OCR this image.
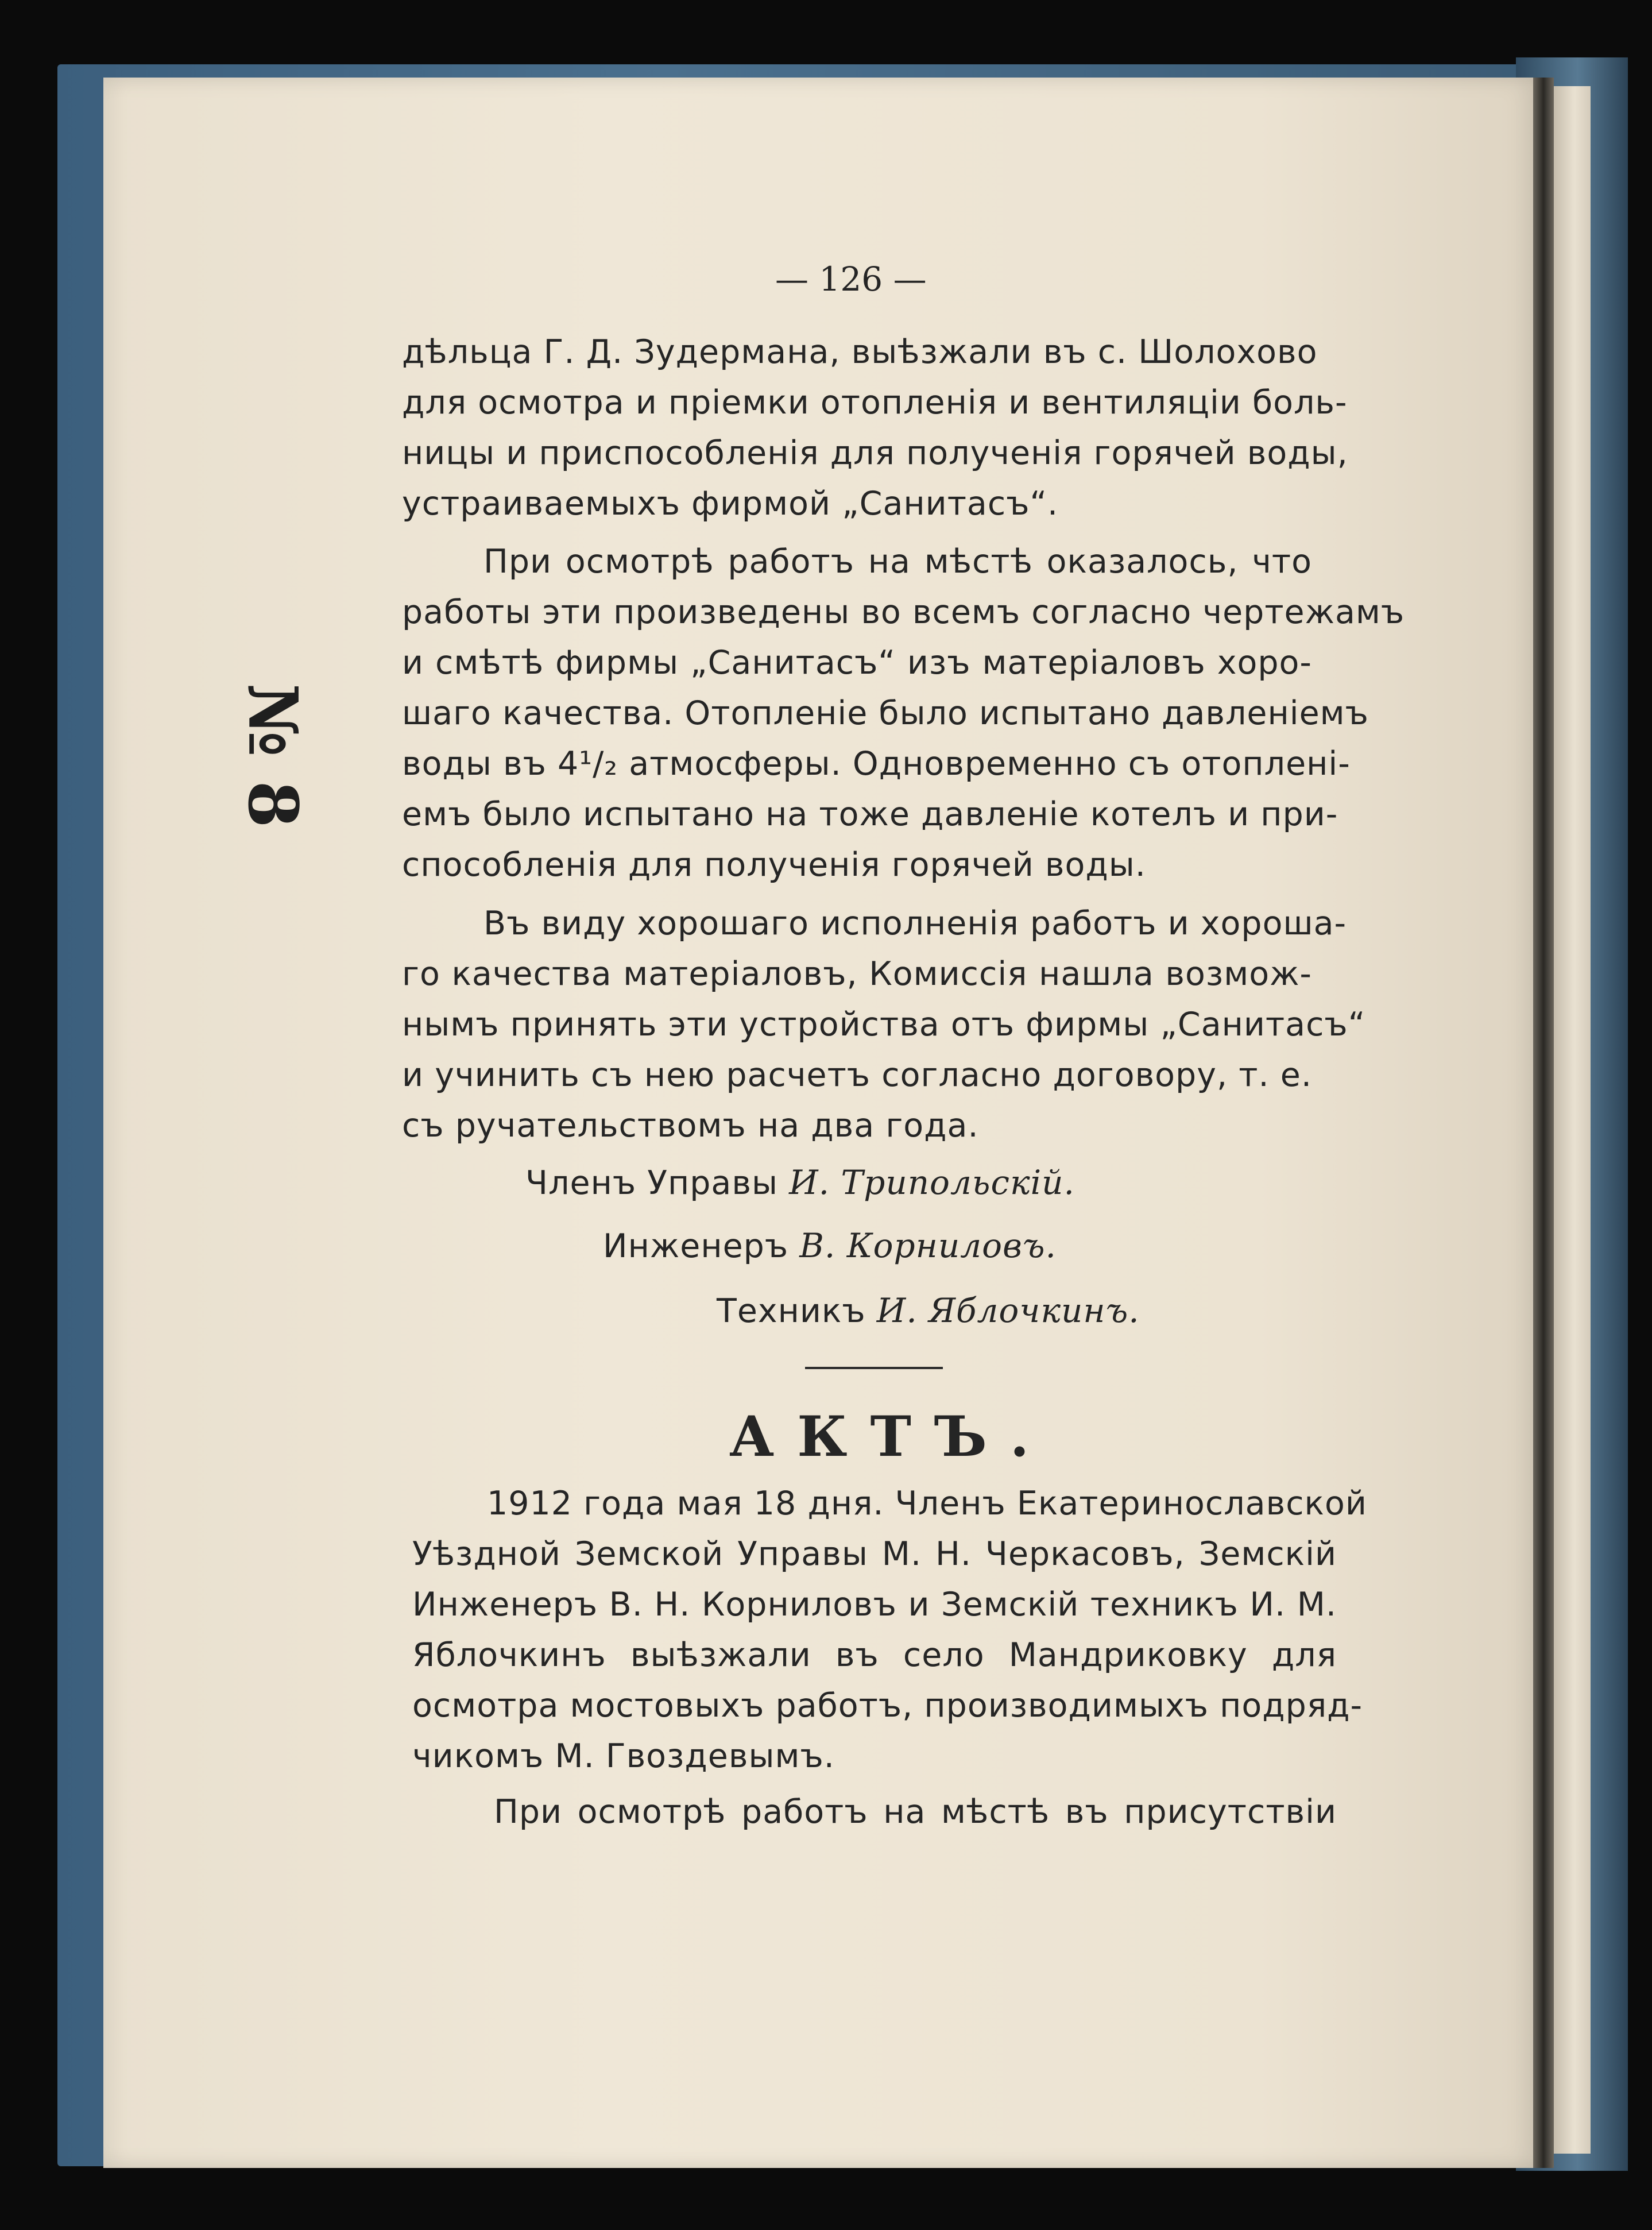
№ 8
— 126 —
дѣльца Г. Д. Зудермана, выѣзжали въ с. Шолохово
для осмотра и пріемки отопленія и вентиляціи боль-
ницы и приспособленія для полученія горячей воды,
устраиваемыхъ фирмой „Санитасъ“.
При осмотрѣ работъ на мѣстѣ оказалось, что
работы эти произведены во всемъ согласно чертежамъ
и смѣтѣ фирмы „Санитасъ“ изъ матеріаловъ хоро-
шаго качества. Отопленіе было испытано давленіемъ
воды въ 4¹/₂ атмосферы. Одновременно съ отопленi-
емъ было испытано на тоже давленіе котелъ и при-
способленія для полученія горячей воды.
Въ виду хорошаго исполненія работъ и хороша-
го качества матеріаловъ, Комиссія нашла возмож-
нымъ принять эти устройства отъ фирмы „Санитасъ“
и учинить съ нею расчетъ согласно договору, т. е.
съ ручательствомъ на два года.
Членъ Управы И. Трипольскій.
Инженеръ В. Корниловъ.
Техникъ И. Яблочкинъ.
АКТЪ.
1912 года мая 18 дня. Членъ Екатеринославской
Уѣздной Земской Управы М. Н. Черкасовъ, Земскій
Инженеръ В. Н. Корниловъ и Земскій техникъ И. М.
Яблочкинъ выѣзжали въ село Мандриковку для
осмотра мостовыхъ работъ, производимыхъ подряд-
чикомъ М. Гвоздевымъ.
При осмотрѣ работъ на мѣстѣ въ присутствіи
